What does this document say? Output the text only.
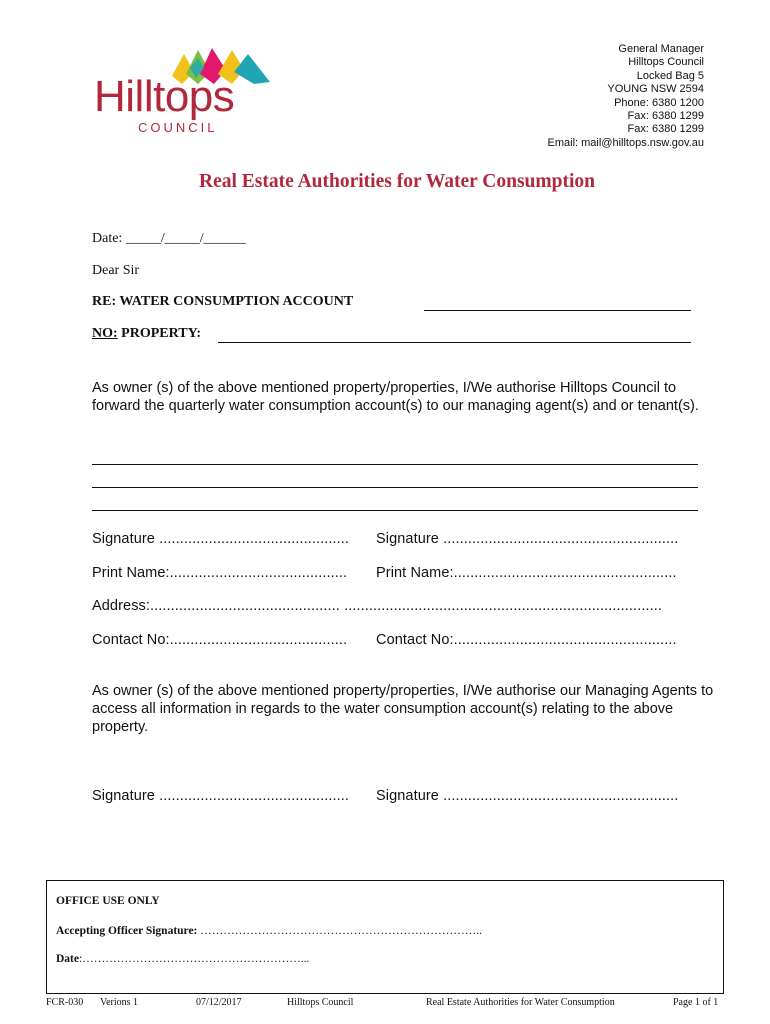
Hilltops
COUNCIL
General Manager
Hilltops Council
Locked Bag 5
YOUNG NSW 2594
Phone: 6380 1200
Fax: 6380 1299
Fax: 6380 1299
Email: mail@hilltops.nsw.gov.au
Real Estate Authorities for Water Consumption
Date: _____/_____/______
Dear Sir
RE: WATER CONSUMPTION ACCOUNT
NO: PROPERTY:
As owner (s) of the above mentioned property/properties, I/We authorise Hilltops Council to forward the quarterly water consumption account(s) to our managing agent(s) and or tenant(s).
Signature .............................................. Signature .........................................................
Print Name:........................................... Print Name:......................................................
Address:.............................................. .............................................................................
Contact No:........................................... Contact No:......................................................
As owner (s) of the above mentioned property/properties, I/We authorise our Managing Agents to access all information in regards to the water consumption account(s) relating to the above property.
Signature .............................................. Signature .........................................................
OFFICE USE ONLY
Accepting Officer Signature: ………………………………………………………………..
Date:…………………………………………………...
FCR-030 Verions 1	07/12/2017	Hilltops Council	Real Estate Authorities for Water Consumption	Page 1 of 1
